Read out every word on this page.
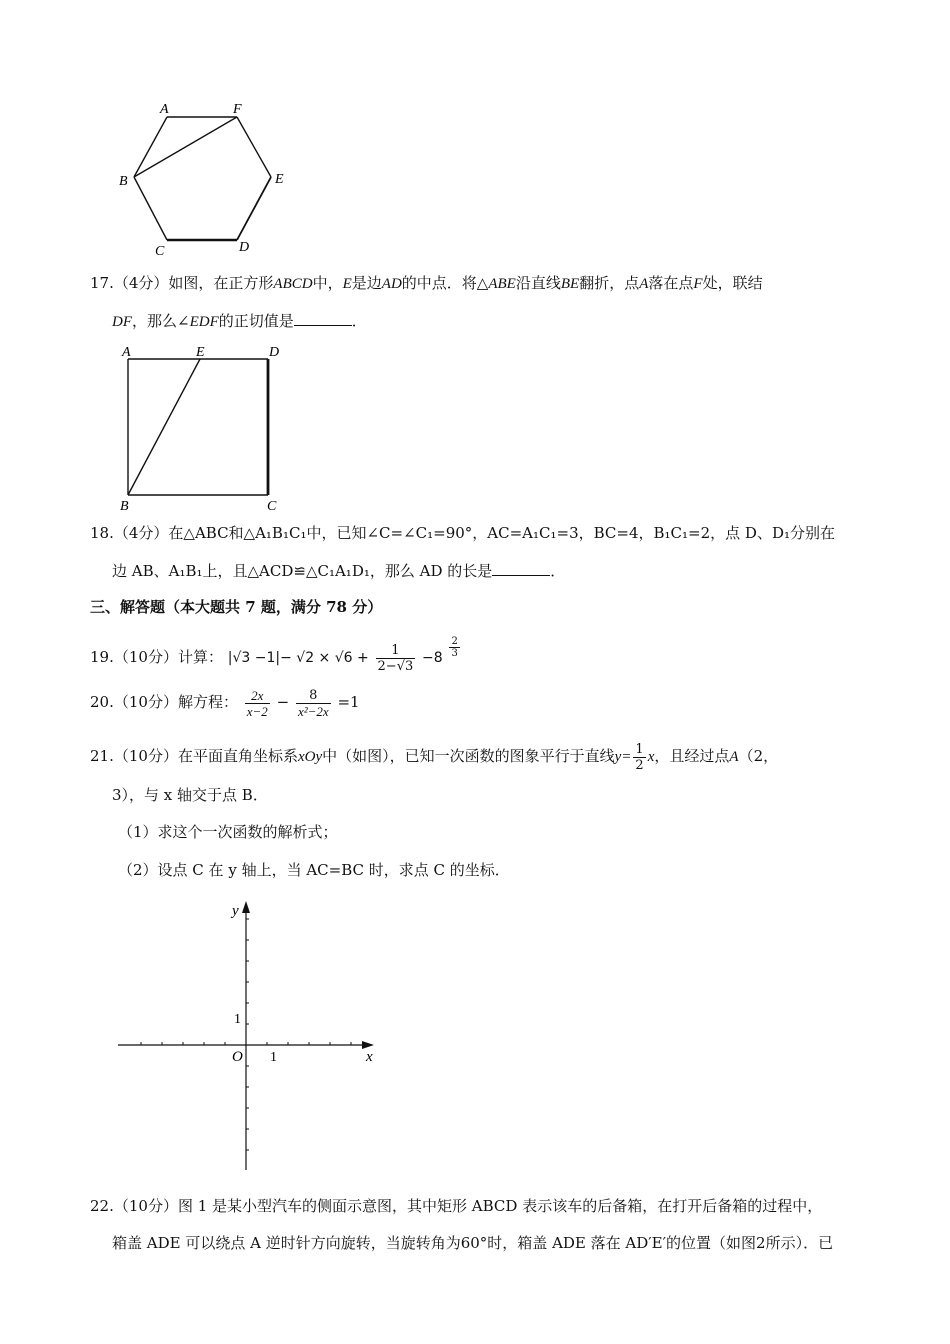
A	F
B	E
C	D
17.（4分）如图，在正方形ABCD中，E是边AD的中点．将△ABE沿直线BE翻折，点A落在点F处，联结
DF，那么∠EDF的正切值是	．
A	E	D
B	C
18.（4分）在△ABC和△A₁B₁C₁中，已知∠C=∠C₁=90°，AC=A₁C₁=3，BC=4，B₁C₁=2，点 D、D₁分别在
边 AB、A₁B₁上，且△ACD≌△C₁A₁D₁，那么 AD 的长是	．
三、解答题（本大题共 7 题，满分 78 分）
19.（10分）计算： $|√3 -1|- √2 \times √6 + \frac{1}{2-√3} -8 \frac{2}{3}$
20.（10分）解方程： $\frac{2x}{x-2} - \frac{8}{\text{x²−2x}} =1$
21.（10分）在平面直角坐标系xOy中（如图），已知一次函数的图象平行于直线$y= \frac{1}{2}$ x，且经过点A（2，
3），与 x 轴交于点 B．
（1）求这个一次函数的解析式；
（2）设点 C 在 y 轴上，当 AC=BC 时，求点 C 的坐标．
y
x
O 1
1
22.（10分）图 1 是某小型汽车的侧面示意图，其中矩形 ABCD 表示该车的后备箱，在打开后备箱的过程中，
箱盖 ADE 可以绕点 A 逆时针方向旋转，当旋转角为60°时，箱盖 ADE 落在 AD′E′的位置（如图2所示）．已
